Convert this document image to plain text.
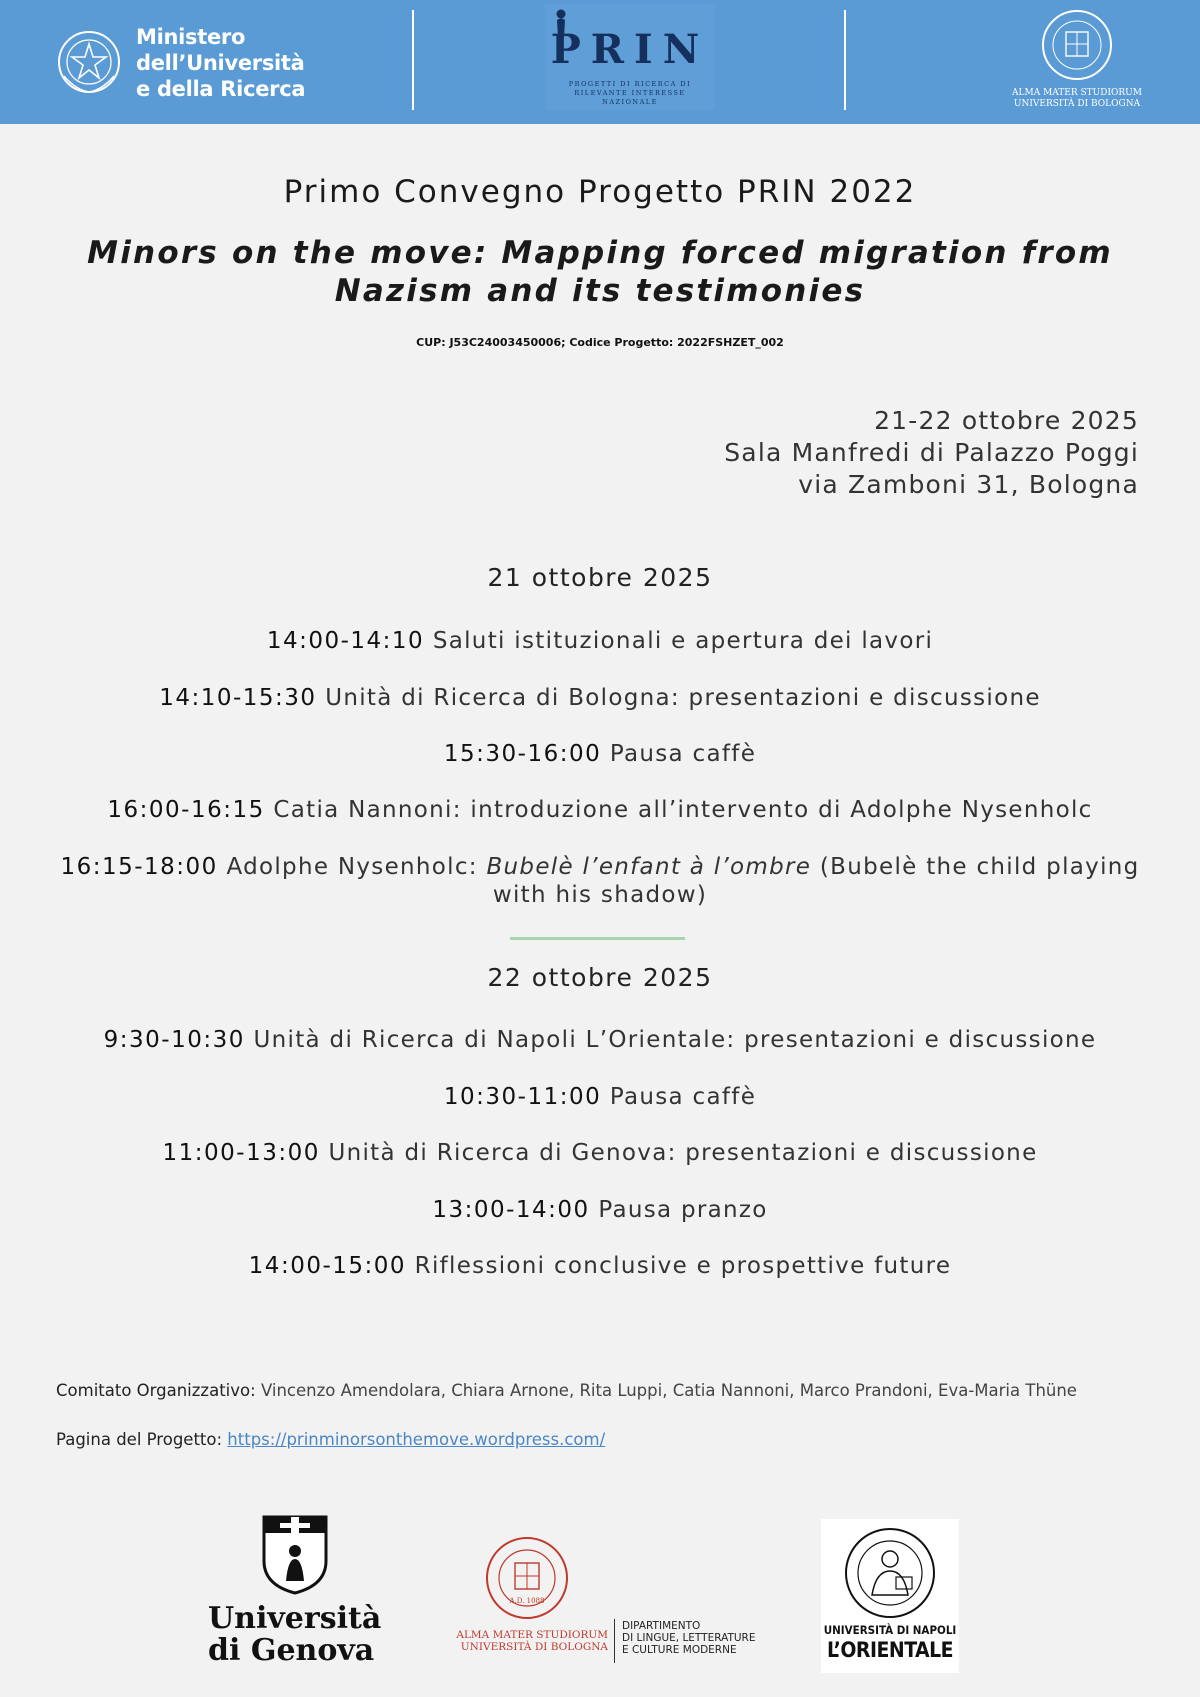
Ministero
dell’Università
e della Ricerca
PRIN
PROGETTI DI RICERCA DI RILEVANTE INTERESSE NAZIONALE
ALMA MATER STUDIORUM
UNIVERSITÀ DI BOLOGNA
Primo Convegno Progetto PRIN 2022
Minors on the move: Mapping forced migration from Nazism and its testimonies
CUP: J53C24003450006; Codice Progetto: 2022FSHZET_002
21-22 ottobre 2025
Sala Manfredi di Palazzo Poggi
via Zamboni 31, Bologna
21 ottobre 2025
14:00-14:10 Saluti istituzionali e apertura dei lavori
14:10-15:30 Unità di Ricerca di Bologna: presentazioni e discussione
15:30-16:00 Pausa caffè
16:00-16:15 Catia Nannoni: introduzione all’intervento di Adolphe Nysenholc
16:15-18:00 Adolphe Nysenholc: Bubelè l’enfant à l’ombre (Bubelè the child playing with his shadow)
22 ottobre 2025
9:30-10:30 Unità di Ricerca di Napoli L’Orientale: presentazioni e discussione
10:30-11:00 Pausa caffè
11:00-13:00 Unità di Ricerca di Genova: presentazioni e discussione
13:00-14:00 Pausa pranzo
14:00-15:00 Riflessioni conclusive e prospettive future
Comitato Organizzativo: Vincenzo Amendolara, Chiara Arnone, Rita Luppi, Catia Nannoni, Marco Prandoni, Eva-Maria Thüne
Pagina del Progetto: https://prinminorsonthemove.wordpress.com/
Università
di Genova
A.D. 1088
ALMA MATER STUDIORUM
UNIVERSITÀ DI BOLOGNA
DIPARTIMENTO
DI LINGUE, LETTERATURE
E CULTURE MODERNE
UNIVERSITÀ DI NAPOLI
L’ORIENTALE
